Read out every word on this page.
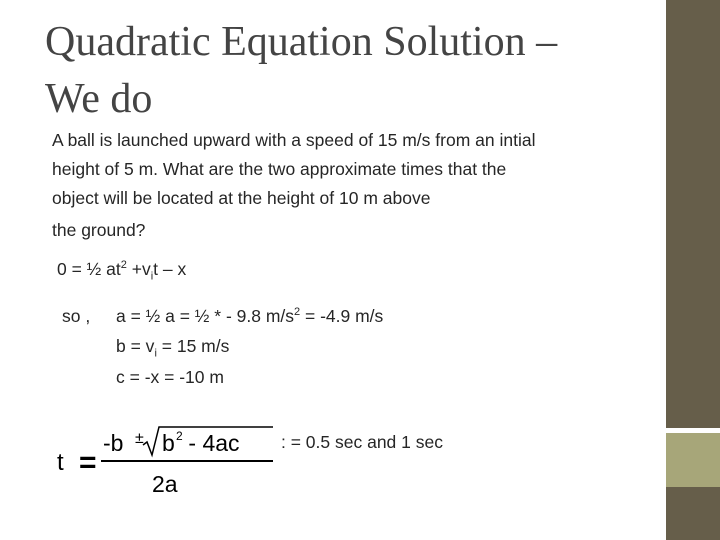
Quadratic Equation Solution –
We do
A ball is launched upward with a speed of 15 m/s from an intial
height of 5 m. What are the two approximate times that the
object will be located at the height of 10 m above
the ground?
0 = ½ $at^2 +v_it - x$
so , a = ½ a = ½ * - 9.8 $m/s^2 = -4.9$ m/s
$b = v_i = 15$ m/s
c = -x = -10 m
t =
-b ± b 2 - 4ac
2a
: = 0.5 sec and 1 sec
